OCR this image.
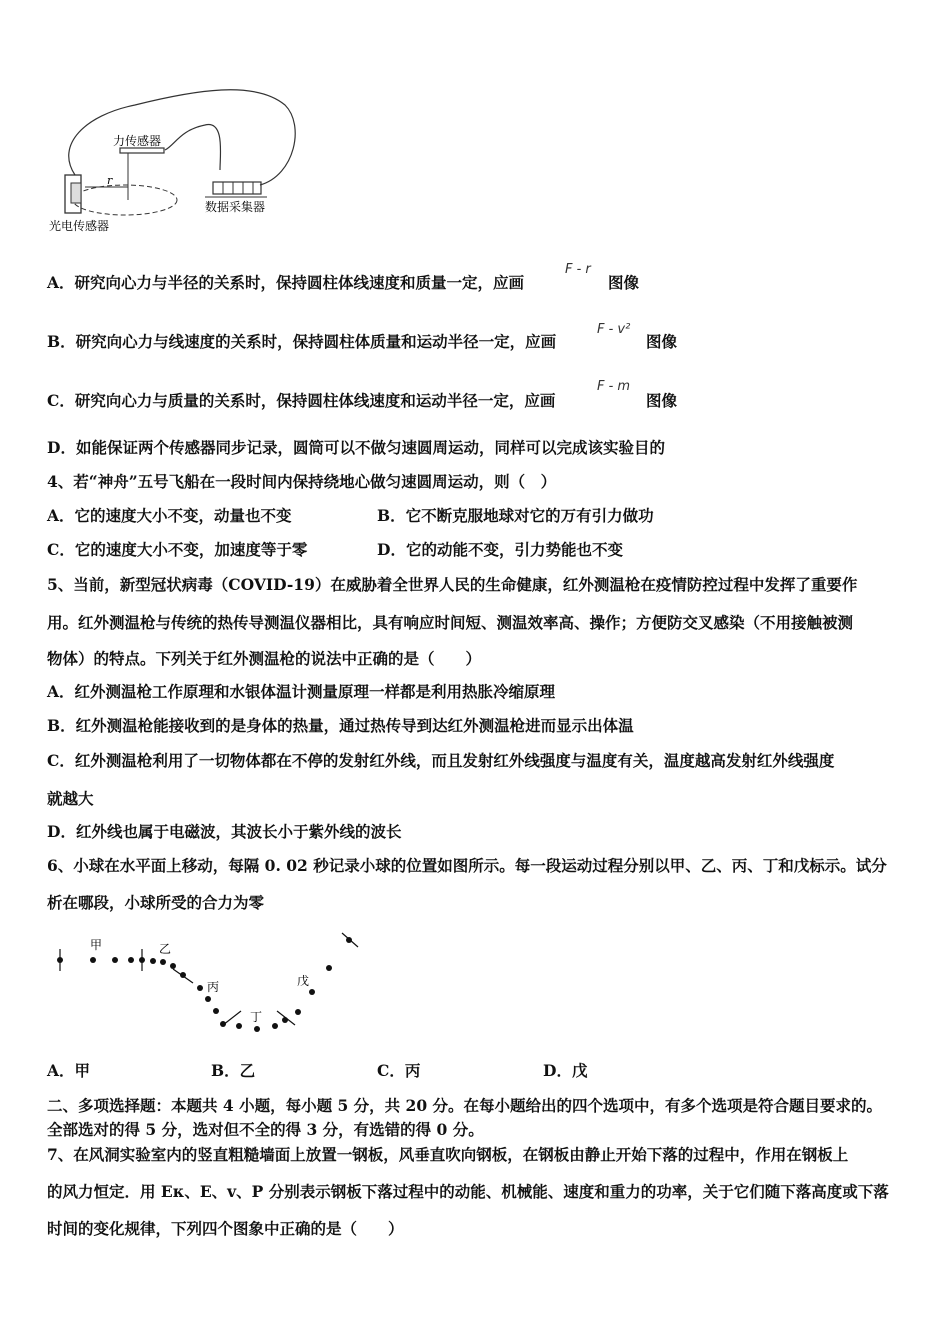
力传感器
r
光电传感器
数据采集器
A．研究向心力与半径的关系时，保持圆柱体线速度和质量一定，应画
F - r
图像
B．研究向心力与线速度的关系时，保持圆柱体质量和运动半径一定，应画
F - v²
图像
C．研究向心力与质量的关系时，保持圆柱体线速度和运动半径一定，应画
F - m
图像
D．如能保证两个传感器同步记录，圆筒可以不做匀速圆周运动，同样可以完成该实验目的
4、若“神舟”五号飞船在一段时间内保持绕地心做匀速圆周运动，则（　）
A．它的速度大小不变，动量也不变	B．它不断克服地球对它的万有引力做功
C．它的速度大小不变，加速度等于零	D．它的动能不变，引力势能也不变
5、当前，新型冠状病毒（COVID-19）在威胁着全世界人民的生命健康，红外测温枪在疫情防控过程中发挥了重要作
用。红外测温枪与传统的热传导测温仪器相比，具有响应时间短、测温效率高、操作；方便防交叉感染（不用接触被测
物体）的特点。下列关于红外测温枪的说法中正确的是（　　）
A．红外测温枪工作原理和水银体温计测量原理一样都是利用热胀冷缩原理
B．红外测温枪能接收到的是身体的热量，通过热传导到达红外测温枪进而显示出体温
C．红外测温枪利用了一切物体都在不停的发射红外线，而且发射红外线强度与温度有关，温度越高发射红外线强度
就越大
D．红外线也属于电磁波，其波长小于紫外线的波长
6、小球在水平面上移动，每隔 0. 02 秒记录小球的位置如图所示。每一段运动过程分别以甲、乙、丙、丁和戊标示。试分
析在哪段，小球所受的合力为零
甲	乙
丙
丁
戊
A．甲	B．乙	C．丙	D．戊
二、多项选择题：本题共 4 小题，每小题 5 分，共 20 分。在每小题给出的四个选项中，有多个选项是符合题目要求的。
全部选对的得 5 分，选对但不全的得 3 分，有选错的得 0 分。
7、在风洞实验室内的竖直粗糙墙面上放置一钢板，风垂直吹向钢板，在钢板由静止开始下落的过程中，作用在钢板上
的风力恒定．用 Eκ、E、v、P 分别表示钢板下落过程中的动能、机械能、速度和重力的功率，关于它们随下落高度或下落
时间的变化规律，下列四个图象中正确的是（　　）
